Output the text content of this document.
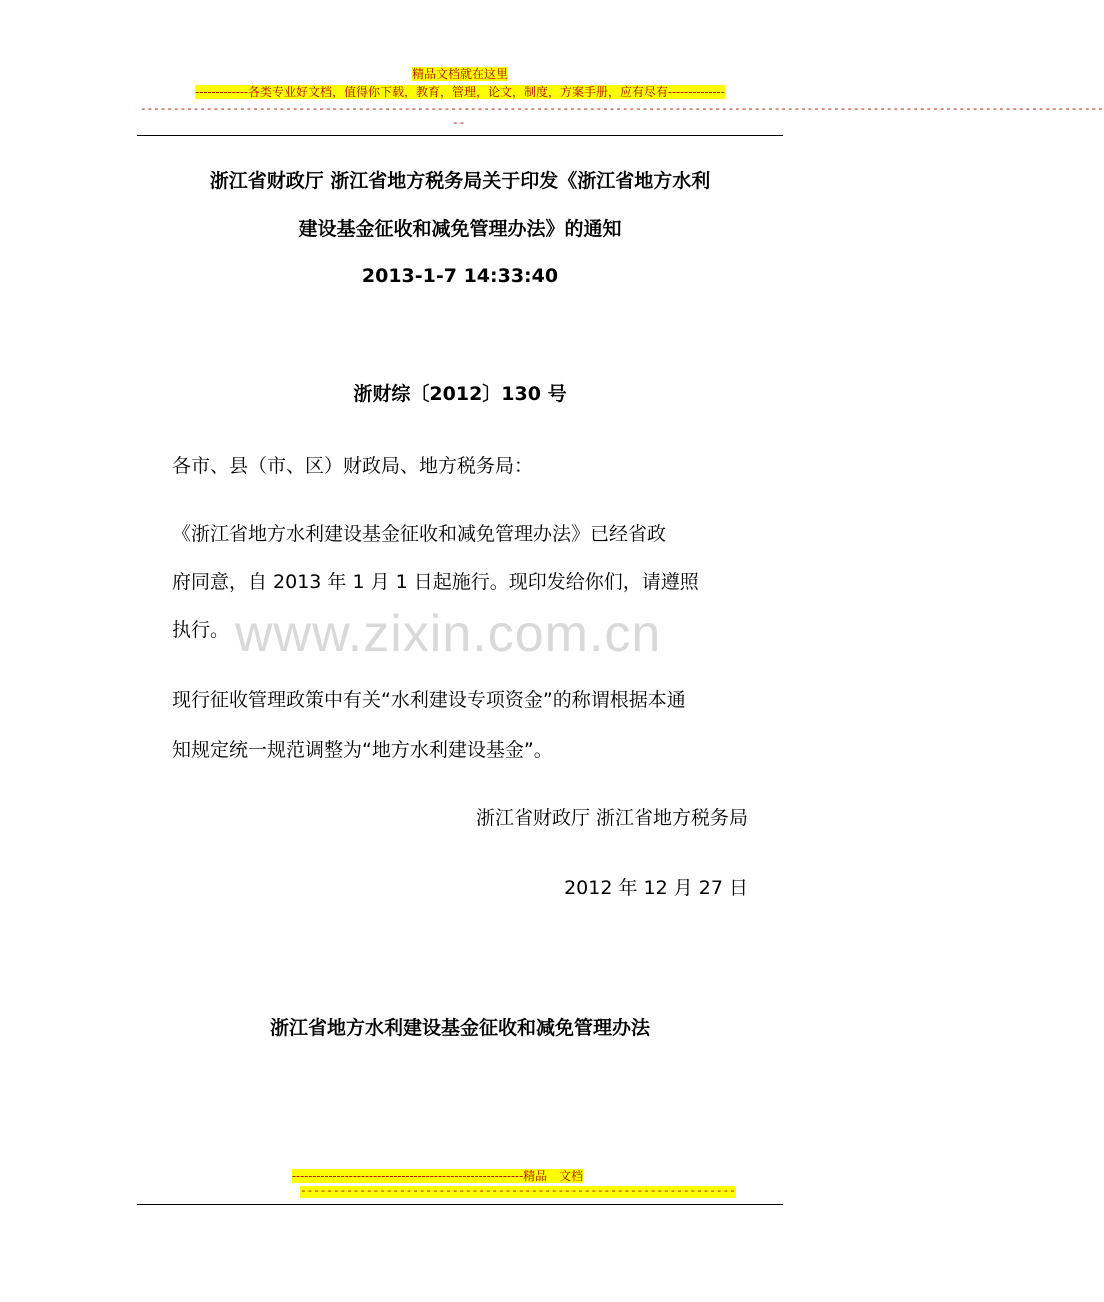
精品文档就在这里
-------------各类专业好文档，值得你下载，教育，管理，论文，制度，方案手册，应有尽有--------------
--------------------------------------------------------------------------------------------------------------------------------------------------
--
浙江省财政厅 浙江省地方税务局关于印发《浙江省地方水利
建设基金征收和减免管理办法》的通知
2013-1-7 14:33:40
浙财综〔2012〕130 号
各市、县（市、区）财政局、地方税务局：
《浙江省地方水利建设基金征收和减免管理办法》已经省政
府同意，自 2013 年 1 月 1 日起施行。现印发给你们，请遵照
执行。 www.zixin.com.cn
现行征收管理政策中有关“水利建设专项资金”的称谓根据本通
知规定统一规范调整为“地方水利建设基金”。
浙江省财政厅 浙江省地方税务局
2012 年 12 月 27 日
浙江省地方水利建设基金征收和减免管理办法
---------------------------------------------------------精品　文档
------------------------------------------------------------------
